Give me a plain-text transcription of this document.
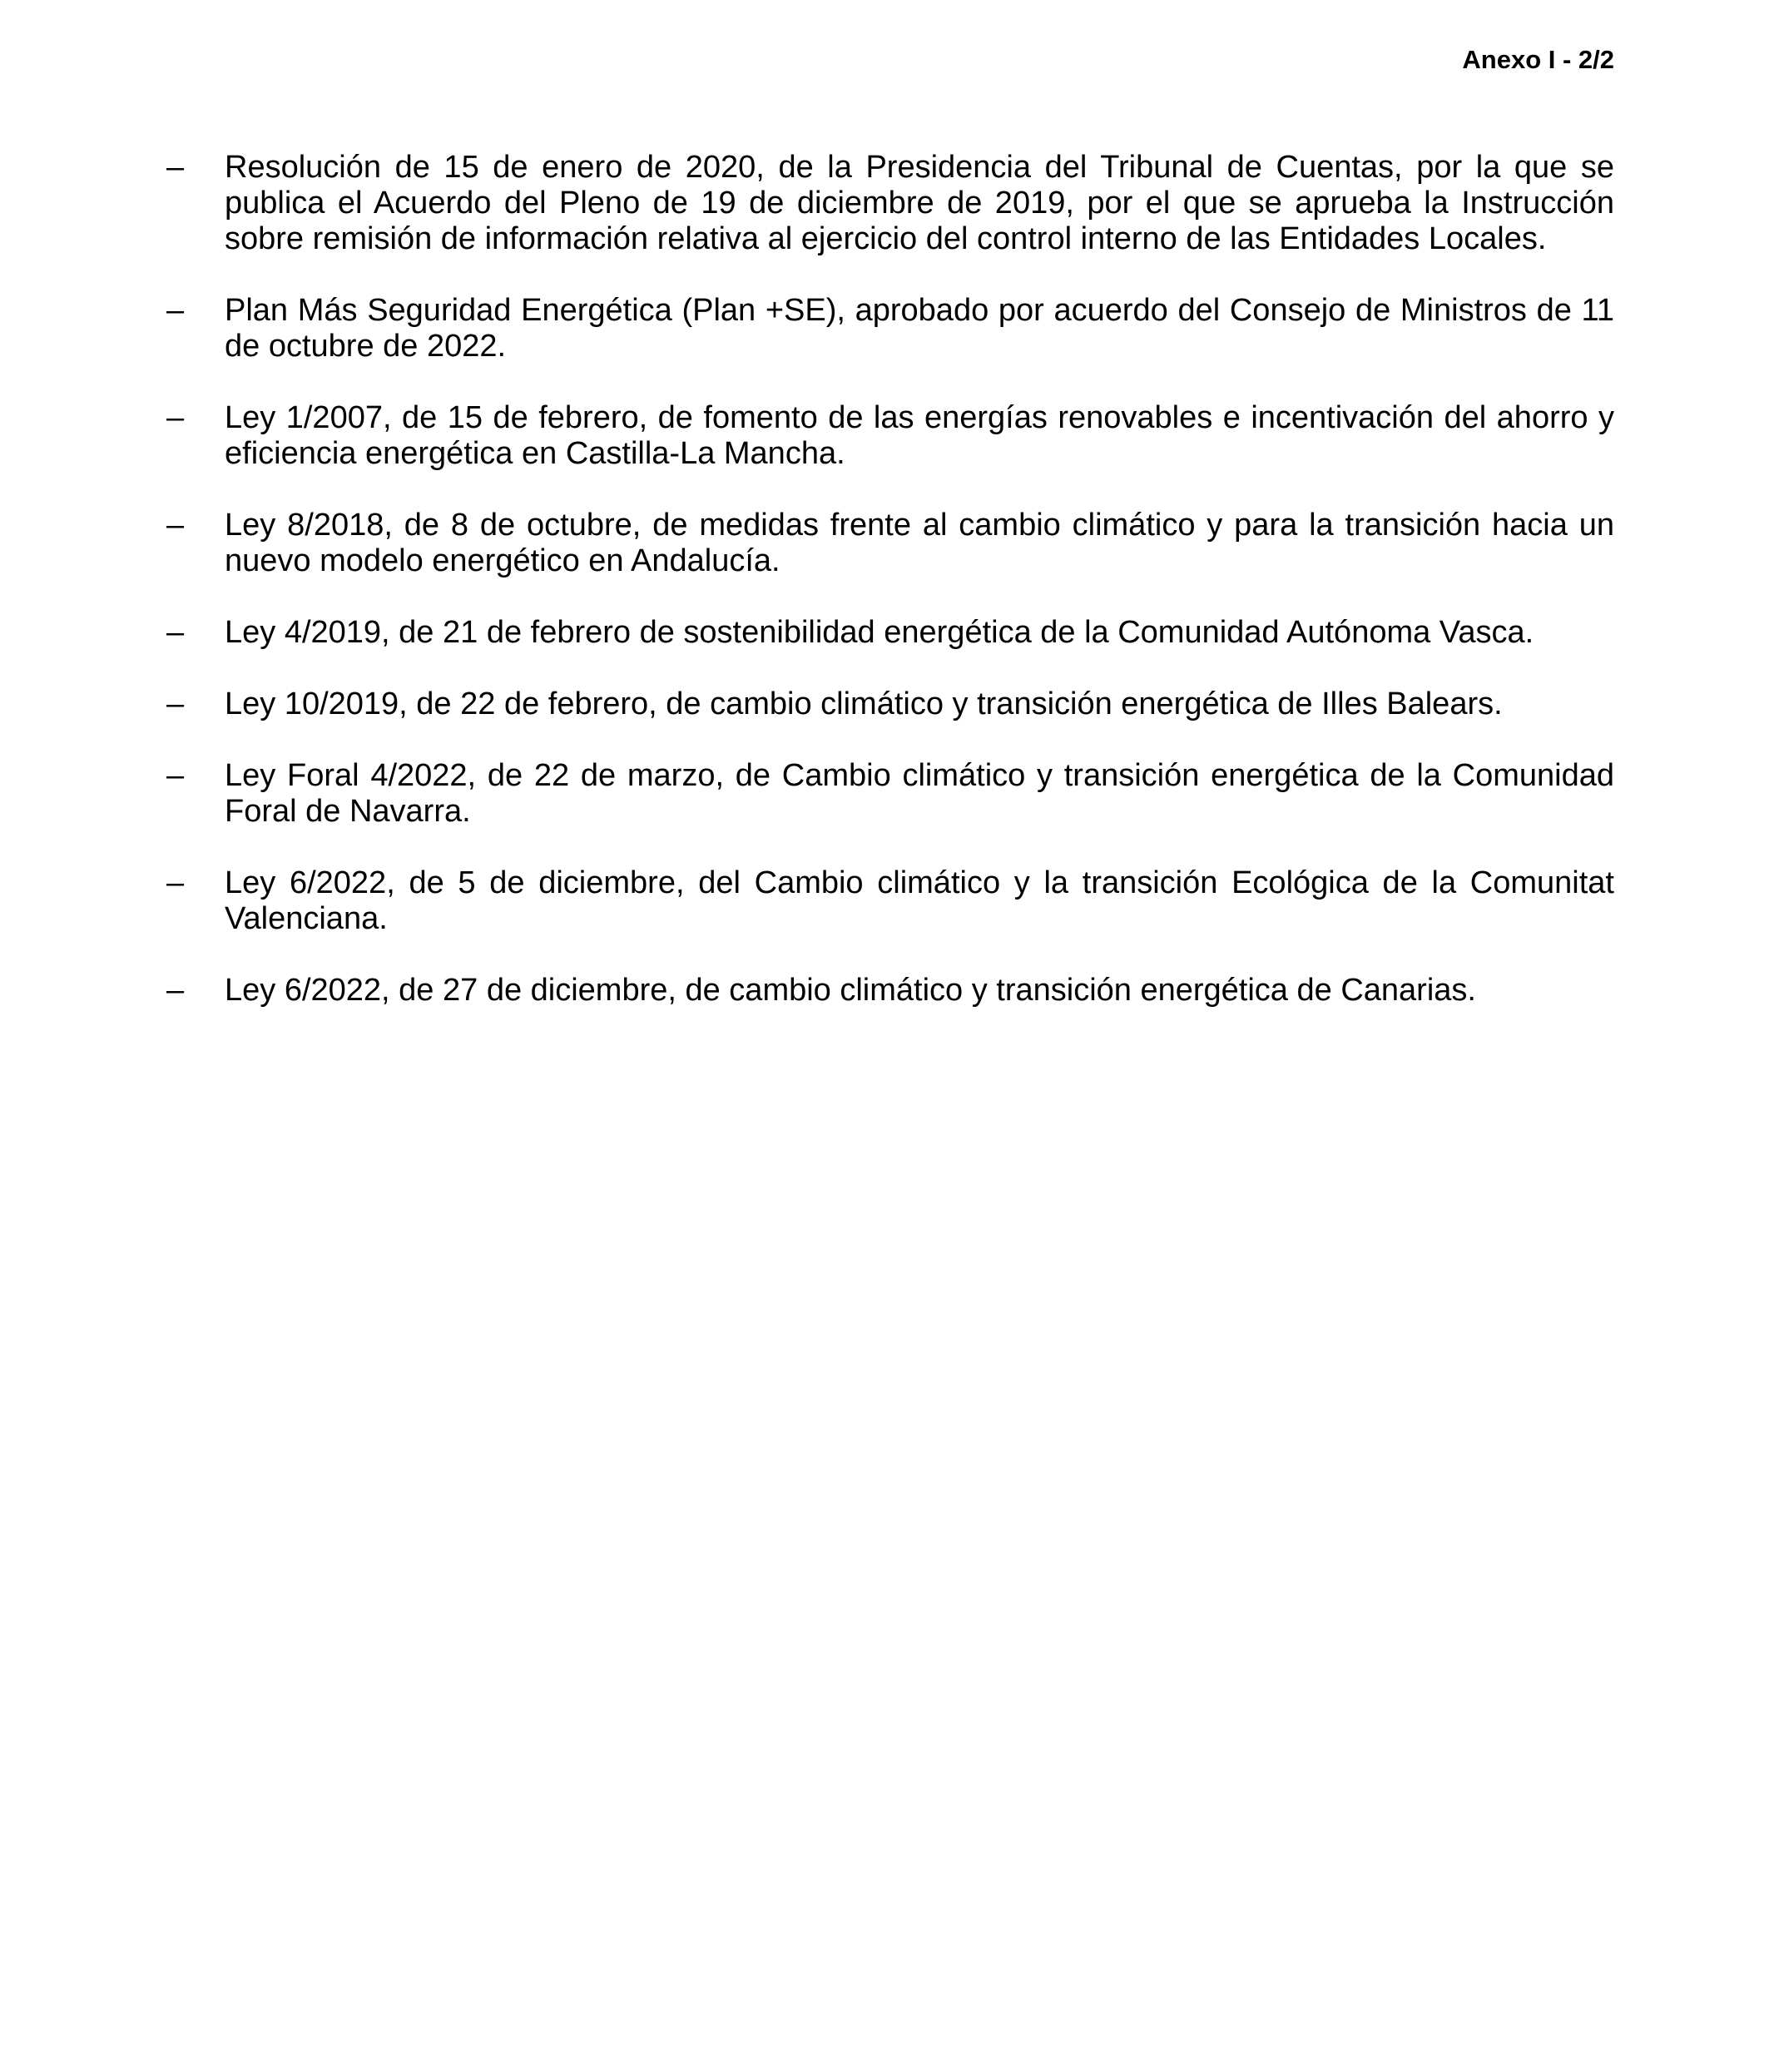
Anexo I - 2/2
– Resolución de 15 de enero de 2020, de la Presidencia del Tribunal de Cuentas, por la que se publica el Acuerdo del Pleno de 19 de diciembre de 2019, por el que se aprueba la Instrucción sobre remisión de información relativa al ejercicio del control interno de las Entidades Locales.
– Plan Más Seguridad Energética (Plan +SE), aprobado por acuerdo del Consejo de Ministros de 11 de octubre de 2022.
– Ley 1/2007, de 15 de febrero, de fomento de las energías renovables e incentivación del ahorro y eficiencia energética en Castilla-La Mancha.
– Ley 8/2018, de 8 de octubre, de medidas frente al cambio climático y para la transición hacia un nuevo modelo energético en Andalucía.
– Ley 4/2019, de 21 de febrero de sostenibilidad energética de la Comunidad Autónoma Vasca.
– Ley 10/2019, de 22 de febrero, de cambio climático y transición energética de Illes Balears.
– Ley Foral 4/2022, de 22 de marzo, de Cambio climático y transición energética de la Comunidad Foral de Navarra.
– Ley 6/2022, de 5 de diciembre, del Cambio climático y la transición Ecológica de la Comunitat Valenciana.
– Ley 6/2022, de 27 de diciembre, de cambio climático y transición energética de Canarias.
